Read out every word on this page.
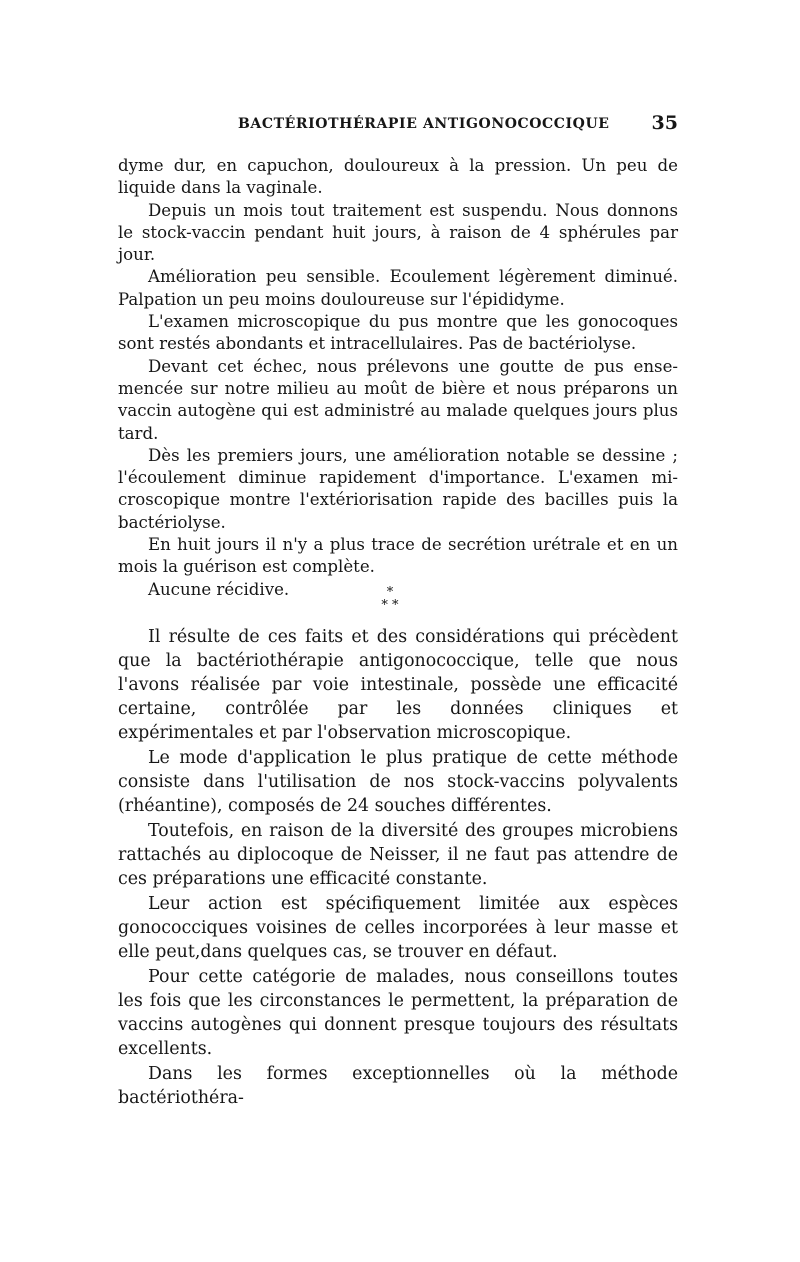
BACTÉRIOTHÉRAPIE ANTIGONOCOCCIQUE 35

dyme dur, en capuchon, douloureux à la pression. Un peu de liquide dans la vaginale.

Depuis un mois tout traitement est suspendu. Nous donnons le stock-vaccin pendant huit jours, à raison de 4 sphérules par jour.

Amélioration peu sensible. Ecoulement légèrement diminué. Palpation un peu moins douloureuse sur l'épididyme.

L'examen microscopique du pus montre que les gonocoques sont restés abondants et intracellulaires. Pas de bactériolyse.

Devant cet échec, nous prélevons une goutte de pus ensemencée sur notre milieu au moût de bière et nous préparons un vaccin autogène qui est administré au malade quelques jours plus tard.

Dès les premiers jours, une amélioration notable se dessine ; l'écoulement diminue rapidement d'importance. L'examen microscopique montre l'extériorisation rapide des bacilles puis la bactériolyse.

En huit jours il n'y a plus trace de secrétion urétrale et en un mois la guérison est complète.

Aucune récidive.	*
* *

Il résulte de ces faits et des considérations qui précèdent que la bactériothérapie antigonococcique, telle que nous l'avons réalisée par voie intestinale, possède une efficacité certaine, contrôlée par les données cliniques et expérimentales et par l'observation microscopique.

Le mode d'application le plus pratique de cette méthode consiste dans l'utilisation de nos stock-vaccins polyvalents (rhéantine), composés de 24 souches différentes.

Toutefois, en raison de la diversité des groupes microbiens rattachés au diplocoque de Neisser, il ne faut pas attendre de ces préparations une efficacité constante.

Leur action est spécifiquement limitée aux espèces gonococciques voisines de celles incorporées à leur masse et elle peut,dans quelques cas, se trouver en défaut.

Pour cette catégorie de malades, nous conseillons toutes les fois que les circonstances le permettent, la préparation de vaccins autogènes qui donnent presque toujours des résultats excellents.

Dans les formes exceptionnelles où la méthode bactériothéra-
